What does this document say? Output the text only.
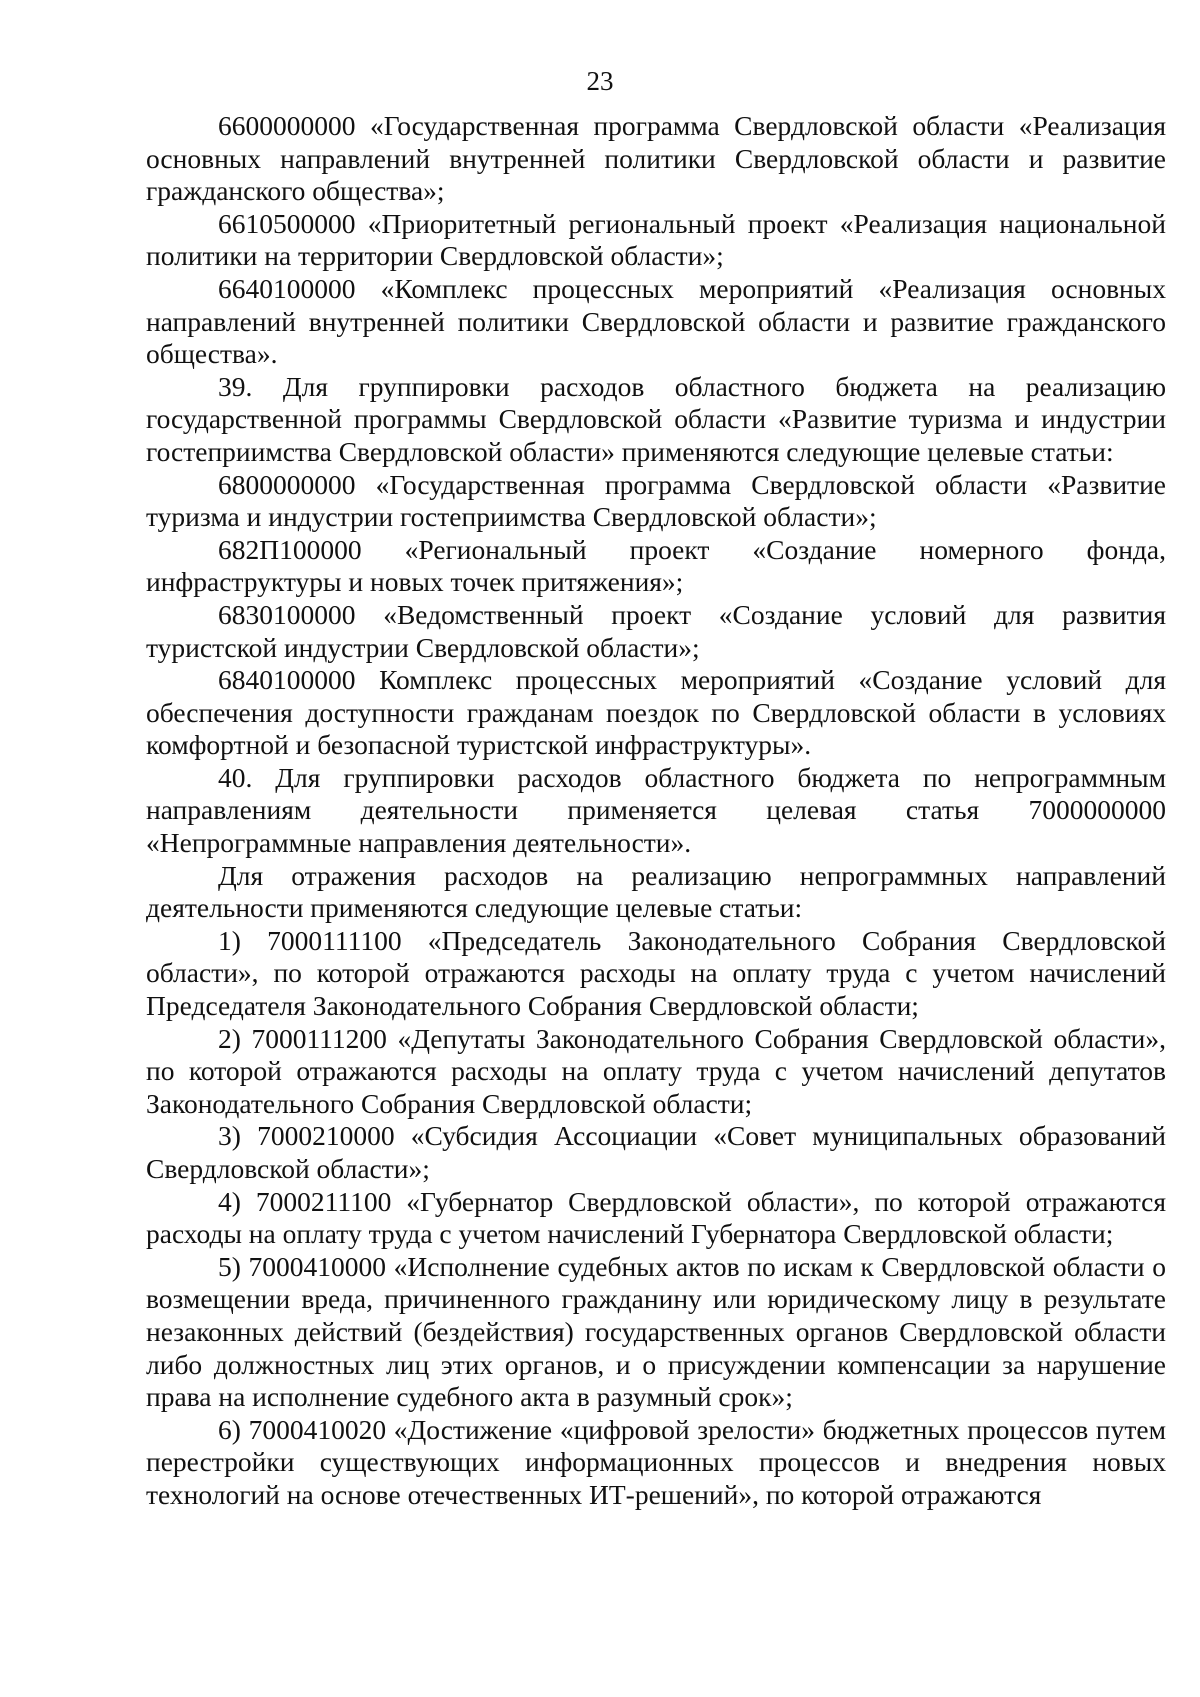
23

6600000000 «Государственная программа Свердловской области «Реализация основных направлений внутренней политики Свердловской области и развитие гражданского общества»;

6610500000 «Приоритетный региональный проект «Реализация национальной политики на территории Свердловской области»;

6640100000 «Комплекс процессных мероприятий «Реализация основных направлений внутренней политики Свердловской области и развитие гражданского общества».

39. Для группировки расходов областного бюджета на реализацию государственной программы Свердловской области «Развитие туризма и индустрии гостеприимства Свердловской области» применяются следующие целевые статьи:

6800000000 «Государственная программа Свердловской области «Развитие туризма и индустрии гостеприимства Свердловской области»;

682П100000 «Региональный проект «Создание номерного фонда, инфраструктуры и новых точек притяжения»;

6830100000 «Ведомственный проект «Создание условий для развития туристской индустрии Свердловской области»;

6840100000 Комплекс процессных мероприятий «Создание условий для обеспечения доступности гражданам поездок по Свердловской области в условиях комфортной и безопасной туристской инфраструктуры».

40. Для группировки расходов областного бюджета по непрограммным направлениям деятельности применяется целевая статья 7000000000 «Непрограммные направления деятельности».

Для отражения расходов на реализацию непрограммных направлений деятельности применяются следующие целевые статьи:

1) 7000111100 «Председатель Законодательного Собрания Свердловской области», по которой отражаются расходы на оплату труда с учетом начислений Председателя Законодательного Собрания Свердловской области;

2) 7000111200 «Депутаты Законодательного Собрания Свердловской области», по которой отражаются расходы на оплату труда с учетом начислений депутатов Законодательного Собрания Свердловской области;

3) 7000210000 «Субсидия Ассоциации «Совет муниципальных образований Свердловской области»;

4) 7000211100 «Губернатор Свердловской области», по которой отражаются расходы на оплату труда с учетом начислений Губернатора Свердловской области;

5) 7000410000 «Исполнение судебных актов по искам к Свердловской области о возмещении вреда, причиненного гражданину или юридическому лицу в результате незаконных действий (бездействия) государственных органов Свердловской области либо должностных лиц этих органов, и о присуждении компенсации за нарушение права на исполнение судебного акта в разумный срок»;

6) 7000410020 «Достижение «цифровой зрелости» бюджетных процессов путем перестройки существующих информационных процессов и внедрения новых технологий на основе отечественных ИТ-решений», по которой отражаются
